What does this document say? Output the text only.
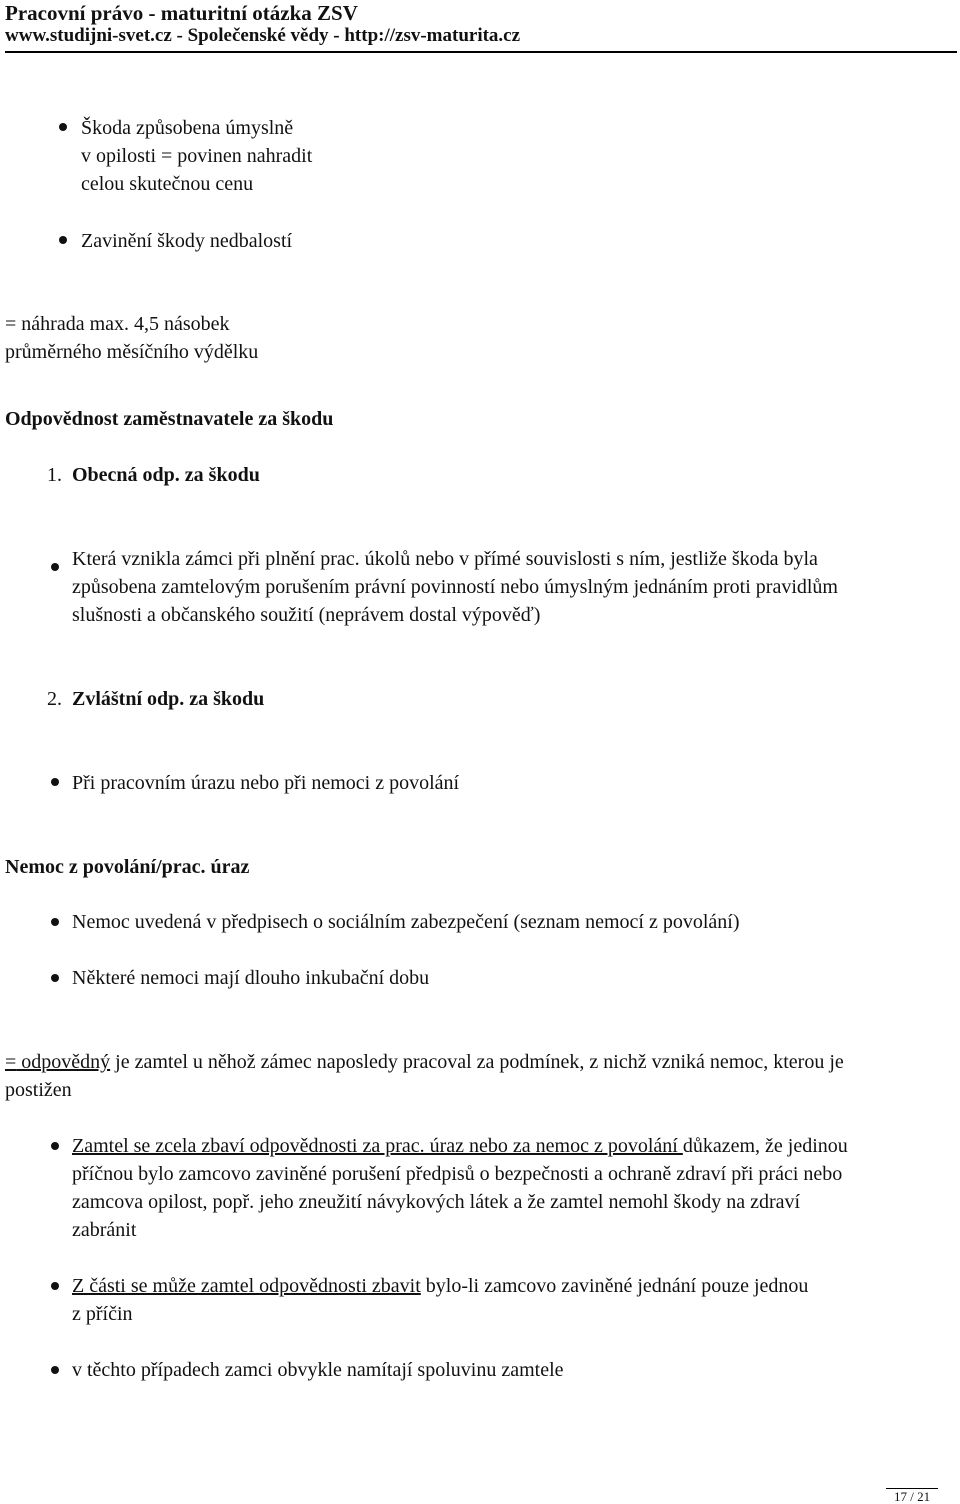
Pracovní právo - maturitní otázka ZSV
www.studijni-svet.cz - Společenské vědy - http://zsv-maturita.cz
Škoda způsobena úmyslně
v opilosti = povinen nahradit
celou skutečnou cenu
Zavinění škody nedbalostí
= náhrada max. 4,5 násobek
průměrného měsíčního výdělku
Odpovědnost zaměstnavatele za škodu
1. Obecná odp. za škodu
Která vznikla zámci při plnění prac. úkolů nebo v přímé souvislosti s ním, jestliže škoda byla
způsobena zamtelovým porušením právní povinností nebo úmyslným jednáním proti pravidlům
slušnosti a občanského soužití (neprávem dostal výpověď)
2. Zvláštní odp. za škodu
Při pracovním úrazu nebo při nemoci z povolání
Nemoc z povolání/prac. úraz
Nemoc uvedená v předpisech o sociálním zabezpečení (seznam nemocí z povolání)
Některé nemoci mají dlouho inkubační dobu
= odpovědný je zamtel u něhož zámec naposledy pracoval za podmínek, z nichž vzniká nemoc, kterou je
postižen
Zamtel se zcela zbaví odpovědnosti za prac. úraz nebo za nemoc z povolání důkazem, že jedinou
příčnou bylo zamcovo zaviněné porušení předpisů o bezpečnosti a ochraně zdraví při práci nebo
zamcova opilost, popř. jeho zneužití návykových látek a že zamtel nemohl škody na zdraví
zabránit
Z části se může zamtel odpovědnosti zbavit bylo-li zamcovo zaviněné jednání pouze jednou
z příčin
v těchto případech zamci obvykle namítají spoluvinu zamtele
17 / 21
